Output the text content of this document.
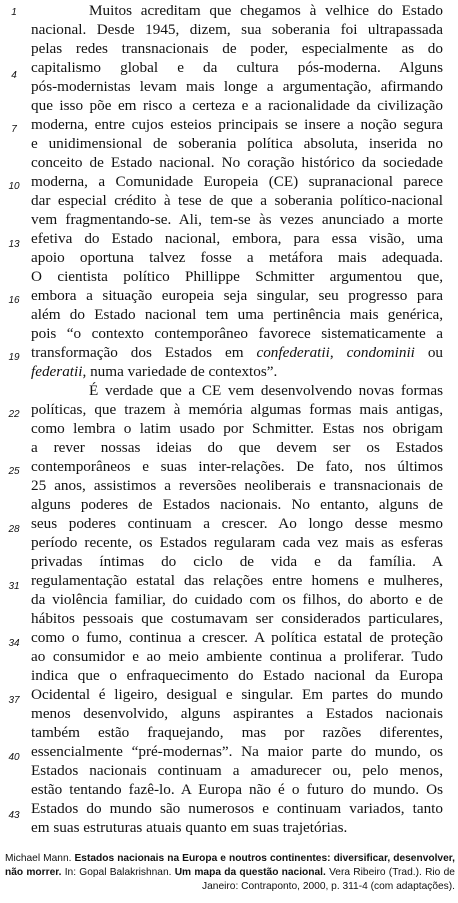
1
4
7
10
13
16
19
22
25
28
31
34
37
40
43
Muitos acreditam que chegamos à velhice do Estado
nacional. Desde 1945, dizem, sua soberania foi ultrapassada
pelas redes transnacionais de poder, especialmente as do
capitalismo global e da cultura pós-moderna. Alguns
pós-modernistas levam mais longe a argumentação, afirmando
que isso põe em risco a certeza e a racionalidade da civilização
moderna, entre cujos esteios principais se insere a noção segura
e unidimensional de soberania política absoluta, inserida no
conceito de Estado nacional. No coração histórico da sociedade
moderna, a Comunidade Europeia (CE) supranacional parece
dar especial crédito à tese de que a soberania político-nacional
vem fragmentando-se. Ali, tem-se às vezes anunciado a morte
efetiva do Estado nacional, embora, para essa visão, uma
apoio oportuna talvez fosse a metáfora mais adequada.
O cientista político Phillippe Schmitter argumentou que,
embora a situação europeia seja singular, seu progresso para
além do Estado nacional tem uma pertinência mais genérica,
pois “o contexto contemporâneo favorece sistematicamente a
transformação dos Estados em confederatii, condominii ou
federatii, numa variedade de contextos”.
É verdade que a CE vem desenvolvendo novas formas
políticas, que trazem à memória algumas formas mais antigas,
como lembra o latim usado por Schmitter. Estas nos obrigam
a rever nossas ideias do que devem ser os Estados
contemporâneos e suas inter-relações. De fato, nos últimos
25 anos, assistimos a reversões neoliberais e transnacionais de
alguns poderes de Estados nacionais. No entanto, alguns de
seus poderes continuam a crescer. Ao longo desse mesmo
período recente, os Estados regularam cada vez mais as esferas
privadas íntimas do ciclo de vida e da família. A
regulamentação estatal das relações entre homens e mulheres,
da violência familiar, do cuidado com os filhos, do aborto e de
hábitos pessoais que costumavam ser considerados particulares,
como o fumo, continua a crescer. A política estatal de proteção
ao consumidor e ao meio ambiente continua a proliferar. Tudo
indica que o enfraquecimento do Estado nacional da Europa
Ocidental é ligeiro, desigual e singular. Em partes do mundo
menos desenvolvido, alguns aspirantes a Estados nacionais
também estão fraquejando, mas por razões diferentes,
essencialmente “pré-modernas”. Na maior parte do mundo, os
Estados nacionais continuam a amadurecer ou, pelo menos,
estão tentando fazê-lo. A Europa não é o futuro do mundo. Os
Estados do mundo são numerosos e continuam variados, tanto
em suas estruturas atuais quanto em suas trajetórias.
Michael Mann. Estados nacionais na Europa e noutros continentes: diversificar, desenvolver, não morrer. In: Gopal Balakrishnan. Um mapa da questão nacional. Vera Ribeiro (Trad.). Rio de Janeiro: Contraponto, 2000, p. 311-4 (com adaptações).
